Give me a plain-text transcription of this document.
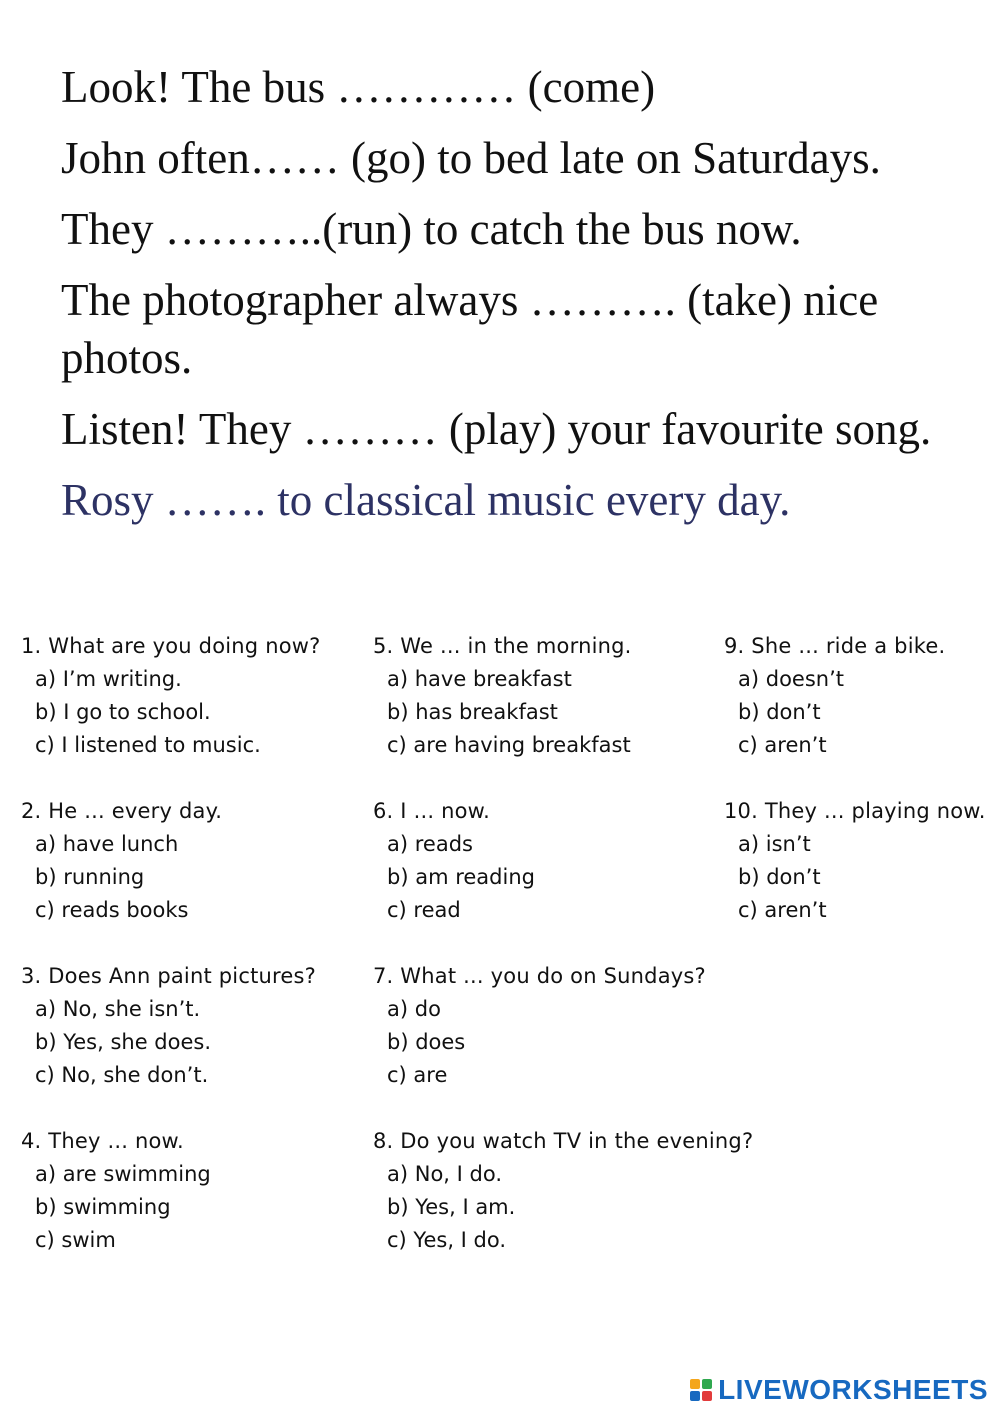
Look! The bus ………… (come)

John often…… (go) to bed late on Saturdays.

They ………..(run) to catch the bus now.

The photographer always ………. (take) nice photos.

Listen! They ……… (play) your favourite song.

Rosy ……. to classical music every day.

1. What are you doing now?
a) I’m writing.
b) I go to school.
c) I listened to music.
2. He ... every day.
a) have lunch
b) running
c) reads books
3. Does Ann paint pictures?
a) No, she isn’t.
b) Yes, she does.
c) No, she don’t.
4. They ... now.
a) are swimming
b) swimming
c) swim
5. We ... in the morning.
a) have breakfast
b) has breakfast
c) are having breakfast
6. I ... now.
a) reads
b) am reading
c) read
7. What ... you do on Sundays?
a) do
b) does
c) are
8. Do you watch TV in the evening?
a) No, I do.
b) Yes, I am.
c) Yes, I do.
9. She ... ride a bike.
a) doesn’t
b) don’t
c) aren’t
10. They ... playing now.
a) isn’t
b) don’t
c) aren’t
LIVEWORKSHEETS
